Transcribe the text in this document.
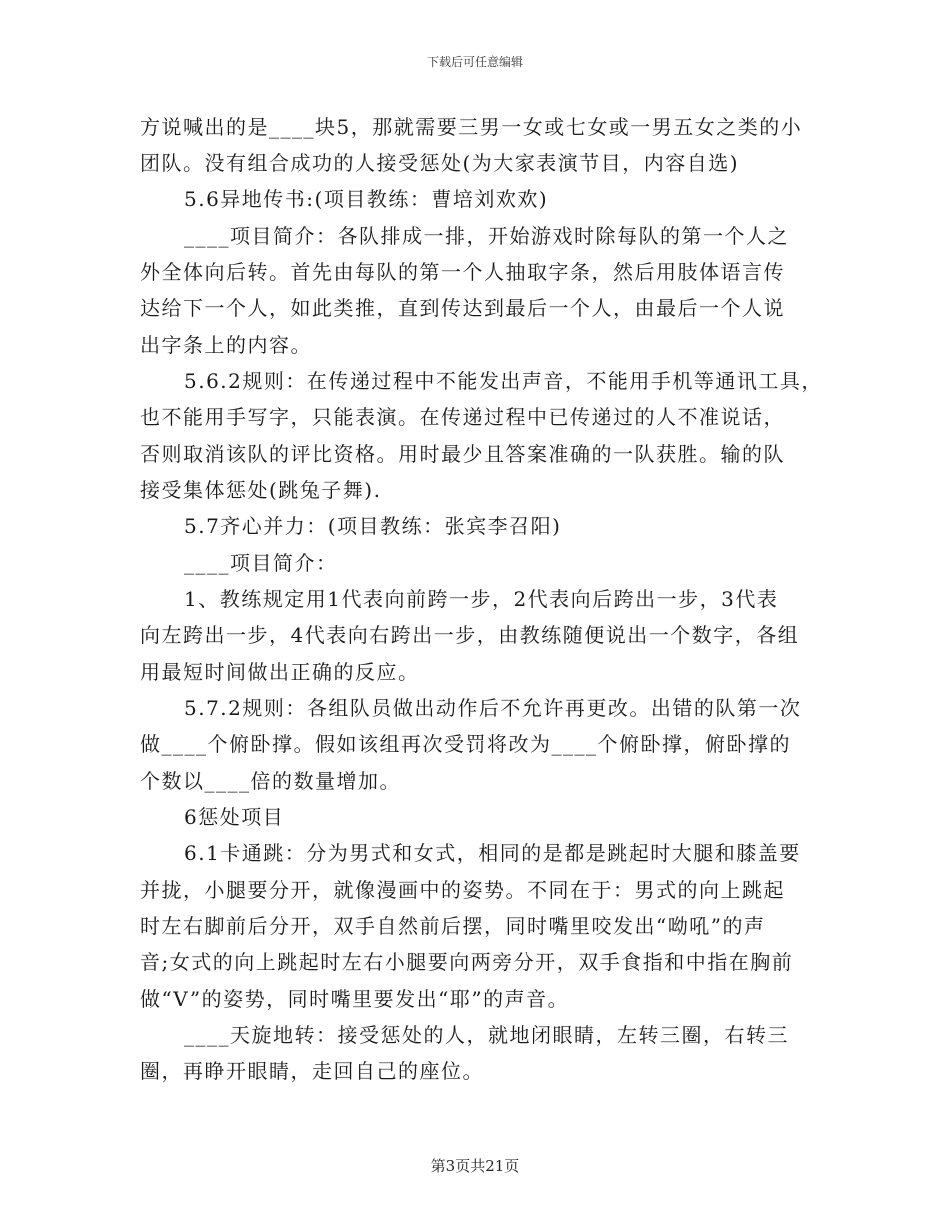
下载后可任意编辑
方说喊出的是____块5，那就需要三男一女或七女或一男五女之类的小
团队。没有组合成功的人接受惩处(为大家表演节目，内容自选)
5.6异地传书:(项目教练：曹培刘欢欢)
____项目简介：各队排成一排，开始游戏时除每队的第一个人之
外全体向后转。首先由每队的第一个人抽取字条，然后用肢体语言传
达给下一个人，如此类推，直到传达到最后一个人，由最后一个人说
出字条上的内容。
5.6.2规则：在传递过程中不能发出声音，不能用手机等通讯工具，
也不能用手写字，只能表演。在传递过程中已传递过的人不准说话，
否则取消该队的评比资格。用时最少且答案准确的一队获胜。输的队
接受集体惩处(跳兔子舞).
5.7齐心并力：(项目教练：张宾李召阳)
____项目简介：
1、教练规定用1代表向前跨一步，2代表向后跨出一步，3代表
向左跨出一步，4代表向右跨出一步，由教练随便说出一个数字，各组
用最短时间做出正确的反应。
5.7.2规则：各组队员做出动作后不允许再更改。出错的队第一次
做____个俯卧撑。假如该组再次受罚将改为____个俯卧撑，俯卧撑的
个数以____倍的数量增加。
6惩处项目
6.1卡通跳：分为男式和女式，相同的是都是跳起时大腿和膝盖要
并拢，小腿要分开，就像漫画中的姿势。不同在于：男式的向上跳起
时左右脚前后分开，双手自然前后摆，同时嘴里咬发出“呦吼”的声
音;女式的向上跳起时左右小腿要向两旁分开，双手食指和中指在胸前
做“V”的姿势，同时嘴里要发出“耶”的声音。
____天旋地转：接受惩处的人，就地闭眼睛，左转三圈，右转三
圈，再睁开眼睛，走回自己的座位。
第3页共21页
